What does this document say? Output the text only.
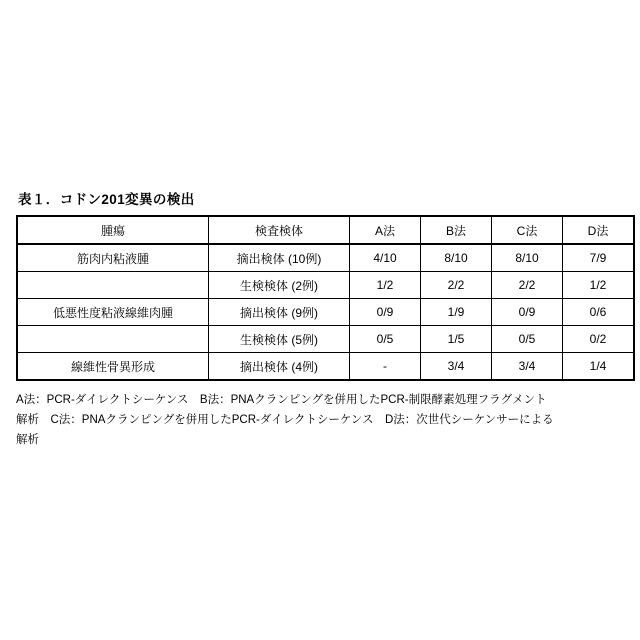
表１．コドン201変異の検出
腫瘍	検査検体	A法	B法	C法	D法
筋肉内粘液腫	摘出検体 (10例)	4/10	8/10	8/10	7/9
	生検検体 (2例)	1/2	2/2	2/2	1/2
低悪性度粘液線維肉腫	摘出検体 (9例)	0/9	1/9	0/9	0/6
	生検検体 (5例)	0/5	1/5	0/5	0/2
線維性骨異形成	摘出検体 (4例)	-	3/4	3/4	1/4
A法：PCR-ダイレクトシーケンス　B法：PNAクランピングを併用したPCR-制限酵素処理フラグメント
解析　C法：PNAクランピングを併用したPCR-ダイレクトシーケンス　D法：次世代シーケンサーによる
解析
